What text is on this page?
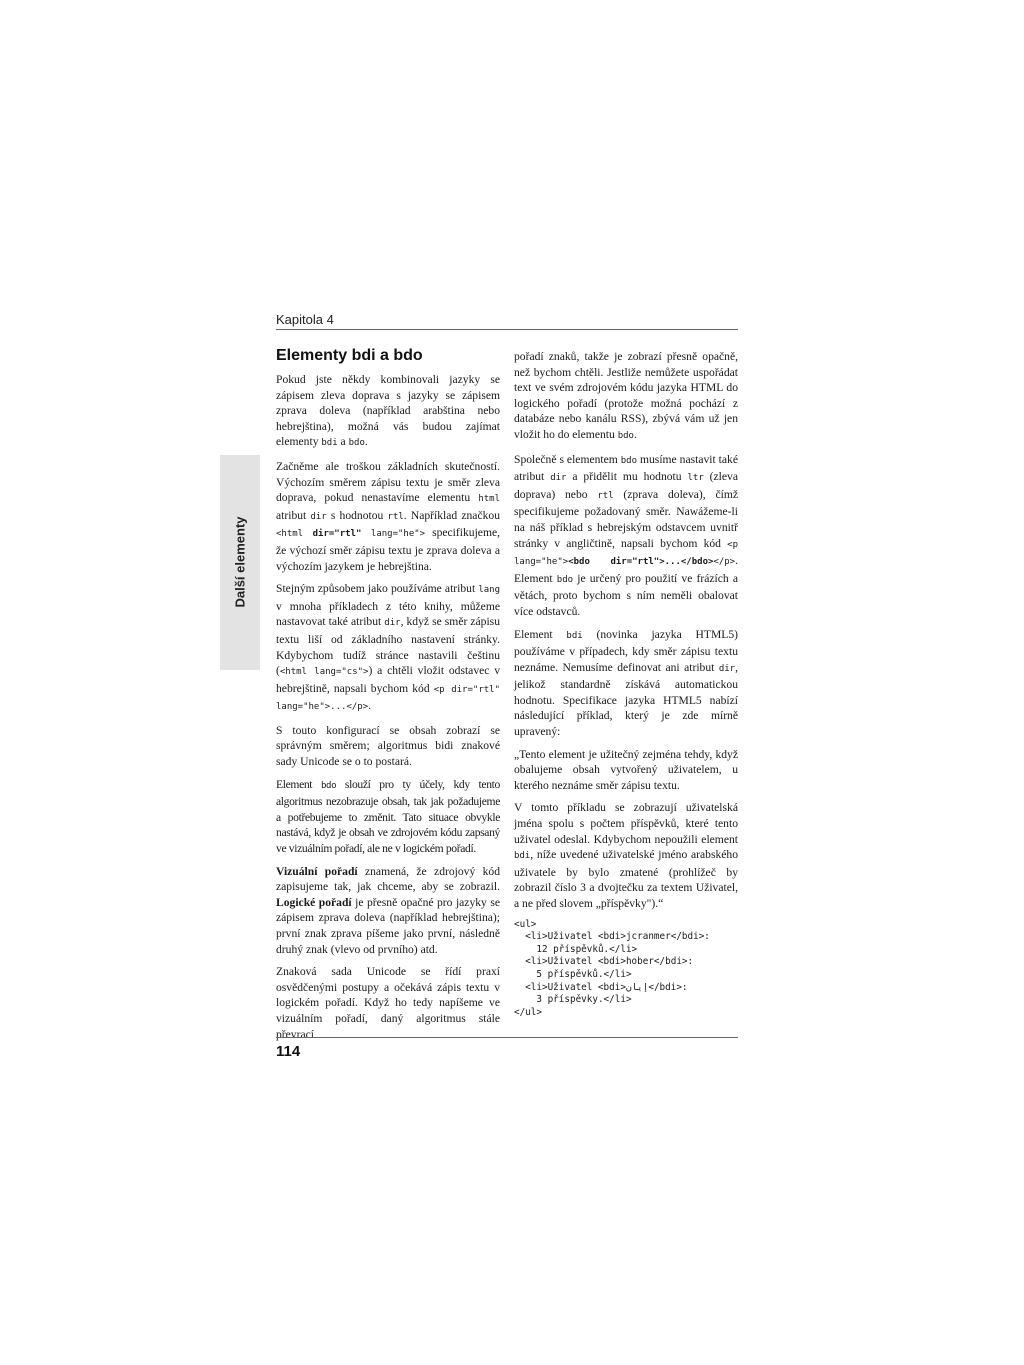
Kapitola 4
Další elementy
Elementy bdi a bdo

Pokud jste někdy kombinovali jazyky se zápisem zleva doprava s jazyky se zápisem zprava doleva (například arabština nebo hebrejština), možná vás budou zajímat elementy bdi a bdo.

Začněme ale troškou základních skutečností. Výchozím směrem zápisu textu je směr zleva doprava, pokud nenastavíme elementu html atribut dir s hodnotou rtl. Například značkou <html dir="rtl" lang="he"> specifikujeme, že výchozí směr zápisu textu je zprava doleva a výchozím jazykem je hebrejština.

Stejným způsobem jako používáme atribut lang v mnoha příkladech z této knihy, můžeme nastavovat také atribut dir, když se směr zápisu textu liší od základního nastavení stránky. Kdybychom tudíž stránce nastavili češtinu (<html lang="cs">) a chtěli vložit odstavec v hebrejštině, napsali bychom kód <p dir="rtl" lang="he">...</p>.

S touto konfigurací se obsah zobrazí se správným směrem; algoritmus bidi znakové sady Unicode se o to postará.

Element bdo slouží pro ty účely, kdy tento algoritmus nezobrazuje obsah, tak jak požadujeme a potřebujeme to změnit. Tato situace obvykle nastává, když je obsah ve zdrojovém kódu zapsaný ve vizuálním pořadí, ale ne v logickém pořadí.

Vizuální pořadí znamená, že zdrojový kód zapisujeme tak, jak chceme, aby se zobrazil. Logické pořadí je přesně opačné pro jazyky se zápisem zprava doleva (například hebrejština); první znak zprava píšeme jako první, následně druhý znak (vlevo od prvního) atd.

Znaková sada Unicode se řídí praxí osvědčenými postupy a očekává zápis textu v logickém pořadí. Když ho tedy napíšeme ve vizuálním pořadí, daný algoritmus stále převrací

pořadí znaků, takže je zobrazí přesně opačně, než bychom chtěli. Jestliže nemůžete uspořádat text ve svém zdrojovém kódu jazyka HTML do logického pořadí (protože možná pochází z databáze nebo kanálu RSS), zbývá vám už jen vložit ho do elementu bdo.

Společně s elementem bdo musíme nastavit také atribut dir a přidělit mu hodnotu ltr (zleva doprava) nebo rtl (zprava doleva), čímž specifikujeme požadovaný směr. Nawážeme-li na náš příklad s hebrejským odstavcem uvnitř stránky v angličtině, napsali bychom kód <p lang="he"><bdo dir="rtl">...</bdo></p>. Element bdo je určený pro použití ve frázích a větách, proto bychom s ním neměli obalovat více odstavců.

Element bdi (novinka jazyka HTML5) používáme v případech, kdy směr zápisu textu neznáme. Nemusíme definovat ani atribut dir, jelikož standardně získává automatickou hodnotu. Specifikace jazyka HTML5 nabízí následující příklad, který je zde mírně upravený:

„Tento element je užitečný zejména tehdy, když obalujeme obsah vytvořený uživatelem, u kterého neznáme směr zápisu textu.

V tomto příkladu se zobrazují uživatelská jména spolu s počtem příspěvků, které tento uživatel odeslal. Kdybychom nepoužili element bdi, níže uvedené uživatelské jméno arabského uživatele by bylo zmatené (prohlížeč by zobrazil číslo 3 a dvojtečku za textem Uživatel, a ne před slovem „příspěvky").“

<ul>
<li>Uživatel <bdi>jcranmer</bdi>:
12 příspěvků.</li>
<li>Uživatel <bdi>hober</bdi>:
5 příspěvků.</li>
<li>Uživatel <bdi>إيان</bdi>:
3 příspěvky.</li>
</ul>
114
